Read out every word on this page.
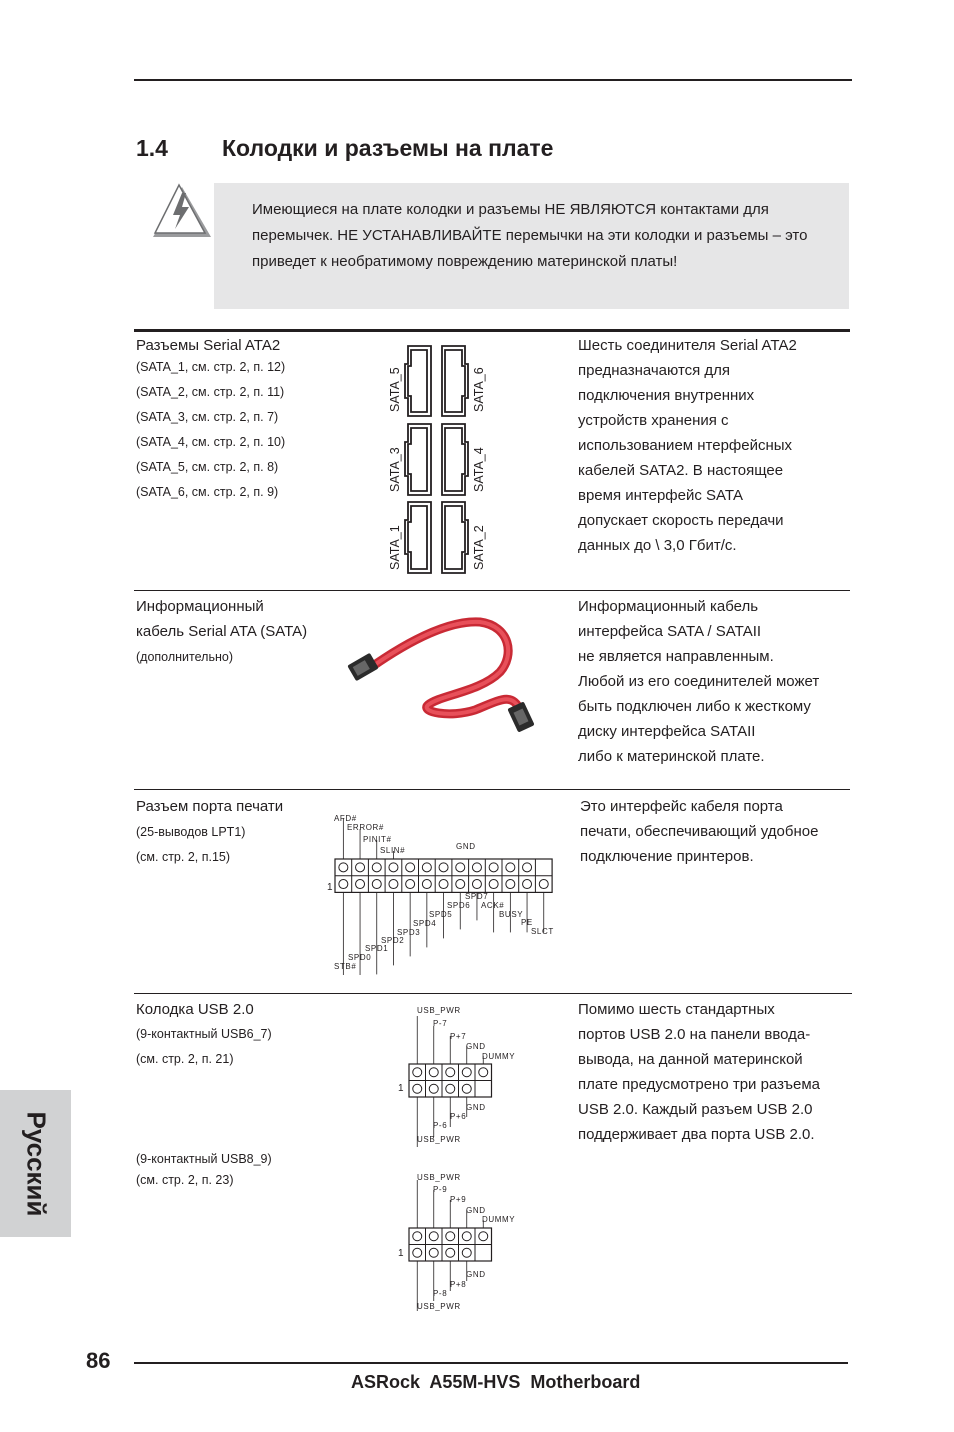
1.4 Колодки и разъемы на плате
Имеющиеся на плате колодки и разъемы НЕ ЯВЛЯЮТСЯ контактами для перемычек. НЕ УСТАНАВЛИВАЙТЕ перемычки на эти колодки и разъемы – это приведет к необратимому повреждению материнской платы!
Разъемы Serial ATA2
(SATA_1, см. стр. 2, п. 12)
(SATA_2, см. стр. 2, п. 11)
(SATA_3, см. стр. 2, п. 7)
(SATA_4, см. стр. 2, п. 10)
(SATA_5, см. стр. 2, п. 8)
(SATA_6, см. стр. 2, п. 9)
SATA_5	SATA_6
SATA_3	SATA_4
SATA_1	SATA_2
Шесть соединителя Serial ATA2
предназначаются для
подключения внутренних
устройств хранения с
использованием нтерфейсных
кабелей SATA2. В настоящее
время интерфейс SATA
допускает скорость передачи
данных до \ 3,0 Гбит/с.
Информационный
кабель Serial ATA (SATA)
(дополнительно)
Информационный кабель
интерфейса SATA / SATAII
не является направленным.
Любой из его соединителей может
быть подключен либо к жесткому
диску интерфейса SATAII
либо к материнской плате.
Разъем порта печати
(25-выводов LPT1)
(см. стр. 2, п.15)
AFD#
ERROR#
PINIT#
SLIN#	GND
SPD7
SPD6 ACK#
SPD5	BUSY
SPD4	PE
SPD3	SLCT
SPD2
SPD1
SPD0
STB#
1
Это интерфейс кабеля порта
печати, обеспечивающий удобное
подключение принтеров.
Колодка USB 2.0
(9-контактный USB6_7)
(см. стр. 2, п. 21)
(9-контактный USB8_9)
(см. стр. 2, п. 23)
USB_PWR
P-7
P+7
GND
DUMMY
GND
P+6
P-6
USB_PWR
1
USB_PWR
P-9
P+9
GND
DUMMY
GND
P+8
P-8
USB_PWR
1
Помимо шесть стандартных
портов USB 2.0 на панели ввода-
вывода, на данной материнской
плате предусмотрено три разъема
USB 2.0. Каждый разъем USB 2.0
поддерживает два порта USB 2.0.
Русский
86
ASRock  A55M-HVS  Motherboard
